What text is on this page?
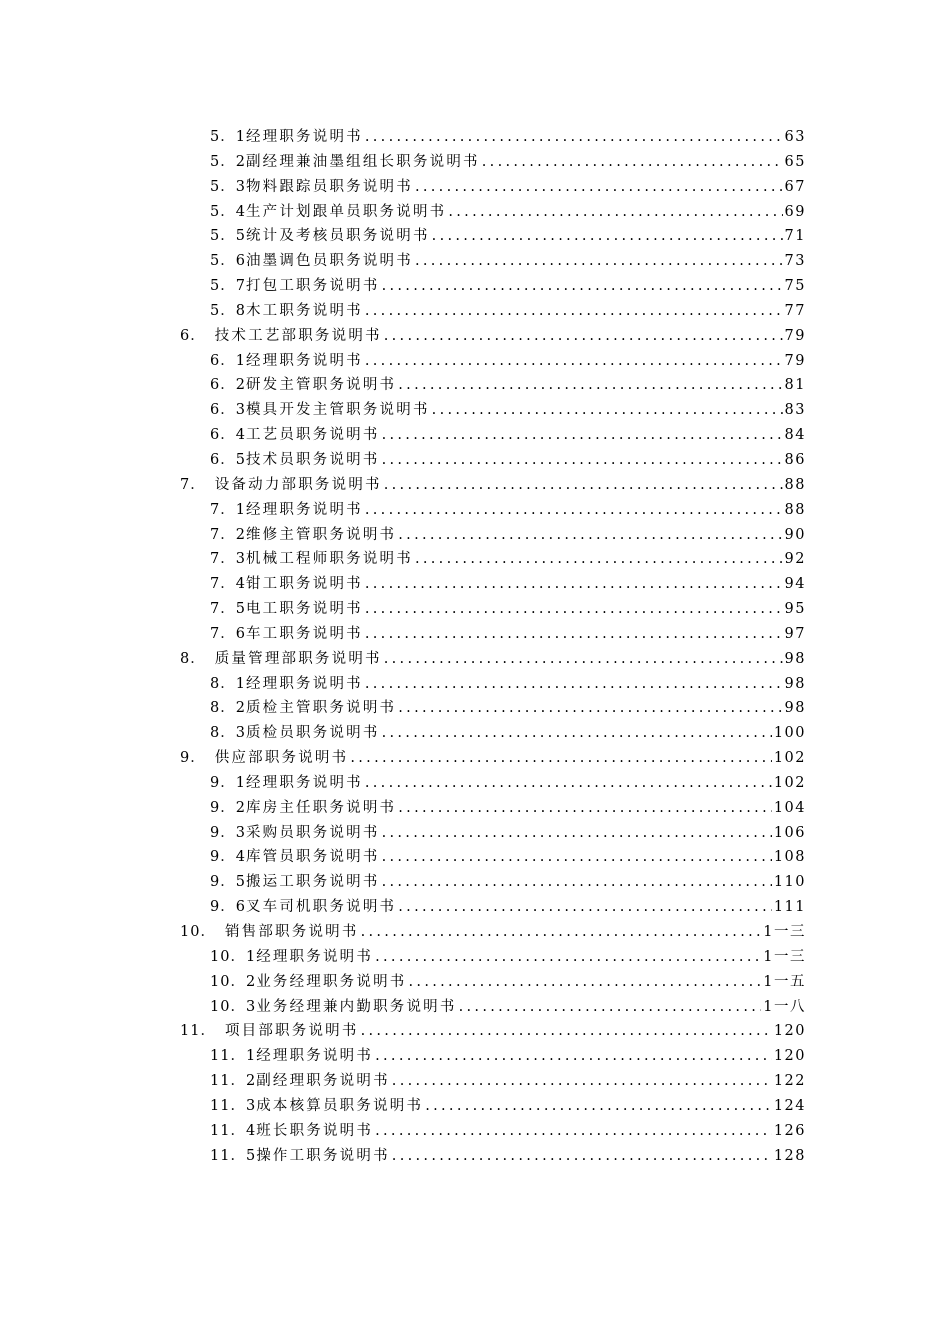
5．1 经理职务说明书 .....	63
5．2 副经理兼油墨组组长职务说明书 .....	65
5．3 物料跟踪员职务说明书 .....	67
5．4 生产计划跟单员职务说明书 .....	69
5．5 统计及考核员职务说明书 .....	71
5．6 油墨调色员职务说明书 .....	73
5．7 打包工职务说明书 .....	75
5．8 木工职务说明书 .....	77
6． 技术工艺部职务说明书 .....	79
6．1 经理职务说明书 .....	79
6．2 研发主管职务说明书 .....	81
6．3 模具开发主管职务说明书 .....	83
6．4 工艺员职务说明书 .....	84
6．5 技术员职务说明书 .....	86
7． 设备动力部职务说明书 .....	88
7．1 经理职务说明书 .....	88
7．2 维修主管职务说明书 .....	90
7．3 机械工程师职务说明书 .....	92
7．4 钳工职务说明书 .....	94
7．5 电工职务说明书 .....	95
7．6 车工职务说明书 .....	97
8． 质量管理部职务说明书 .....	98
8．1 经理职务说明书 .....	98
8．2 质检主管职务说明书 .....	98
8．3 质检员职务说明书 .....	100
9． 供应部职务说明书 .....	102
9．1 经理职务说明书 .....	102
9．2 库房主任职务说明书 .....	104
9．3 采购员职务说明书 .....	106
9．4 库管员职务说明书 .....	108
9．5 搬运工职务说明书 .....	110
9．6 叉车司机职务说明书 .....	111
10． 销售部职务说明书 .....	1一三
10．1 经理职务说明书 .....	1一三
10．2 业务经理职务说明书 .....	1一五
10．3 业务经理兼内勤职务说明书 .....	1一八
11． 项目部职务说明书 .....	120
11．1 经理职务说明书 .....	120
11．2 副经理职务说明书 .....	122
11．3 成本核算员职务说明书 .....	124
11．4 班长职务说明书 .....	126
11．5 操作工职务说明书 .....	128
